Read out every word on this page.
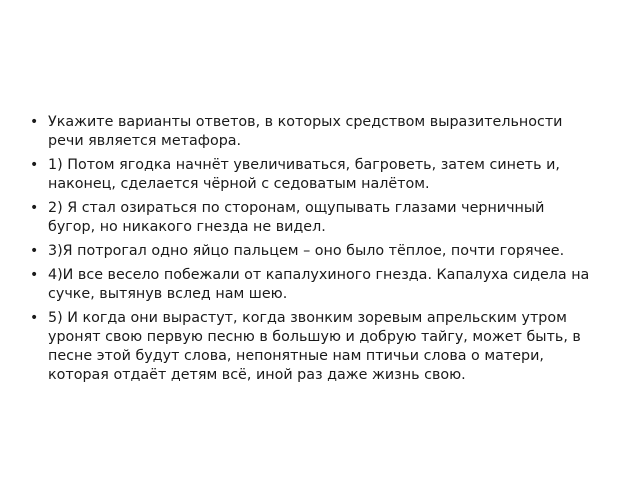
• Укажите варианты ответов, в которых средством выразительности речи является метафора.
• 1) Потом ягодка начнёт увеличиваться, багроветь, затем синеть и, наконец, сделается чёрной с седоватым налётом.
• 2) Я стал озираться по сторонам, ощупывать глазами черничный бугор, но никакого гнезда не видел.
• 3)Я потрогал одно яйцо пальцем – оно было тёплое, почти горячее.
• 4)И все весело побежали от капалухиного гнезда. Капалуха сидела на сучке, вытянув вслед нам шею.
• 5) И когда они вырастут, когда звонким зоревым апрельским утром уронят свою первую песню в большую и добрую тайгу, может быть, в песне этой будут слова, непонятные нам птичьи слова о матери, которая отдаёт детям всё, иной раз даже жизнь свою.
